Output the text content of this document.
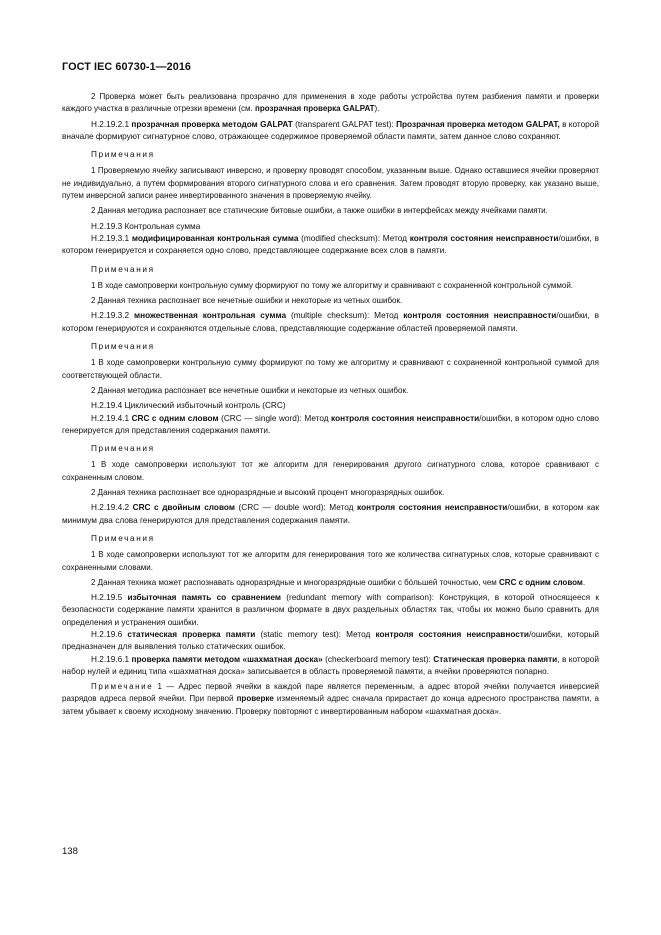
ГОСТ IEC 60730-1—2016

2 Проверка может быть реализована прозрачно для применения в ходе работы устройства путем разбиения памяти и проверки каждого участка в различные отрезки времени (см. прозрачная проверка GALPAT).

Н.2.19.2.1 прозрачная проверка методом GALPAT (transparent GALPAT test): Прозрачная проверка методом GALPAT, в которой вначале формируют сигнатурное слово, отражающее содержимое проверяемой области памяти, затем данное слово сохраняют.

Примечания

1 Проверяемую ячейку записывают инверсно, и проверку проводят способом, указанным выше. Однако оставшиеся ячейки проверяют не индивидуально, а путем формирования второго сигнатурного слова и его сравнения. Затем проводят вторую проверку, как указано выше, путем инверсной записи ранее инвертированного значения в проверяемую ячейку.

2 Данная методика распознает все статические битовые ошибки, а также ошибки в интерфейсах между ячейками памяти.

Н.2.19.3 Контрольная сумма

Н.2.19.3.1 модифицированная контрольная сумма (modified checksum): Метод контроля состояния неисправности/ошибки, в котором генерируется и сохраняется одно слово, представляющее содержание всех слов в памяти.

Примечания

1 В ходе самопроверки контрольную сумму формируют по тому же алгоритму и сравнивают с сохраненной контрольной суммой.

2 Данная техника распознает все нечетные ошибки и некоторые из четных ошибок.

Н.2.19.3.2 множественная контрольная сумма (multiple checksum): Метод контроля состояния неисправности/ошибки, в котором генерируются и сохраняются отдельные слова, представляющие содержание областей проверяемой памяти.

Примечания

1 В ходе самопроверки контрольную сумму формируют по тому же алгоритму и сравнивают с сохраненной контрольной суммой для соответствующей области.

2 Данная методика распознает все нечетные ошибки и некоторые из четных ошибок.

Н.2.19.4 Циклический избыточный контроль (CRC)

Н.2.19.4.1 CRC с одним словом (CRC — single word): Метод контроля состояния неисправности/ошибки, в котором одно слово генерируется для представления содержания памяти.

Примечания

1 В ходе самопроверки используют тот же алгоритм для генерирования другого сигнатурного слова, которое сравнивают с сохраненным словом.

2 Данная техника распознает все одноразрядные и высокий процент многоразрядных ошибок.

Н.2.19.4.2 CRC с двойным словом (CRC — double word): Метод контроля состояния неисправности/ошибки, в котором как минимум два слова генерируются для представления содержания памяти.

Примечания

1 В ходе самопроверки используют тот же алгоритм для генерирования того же количества сигнатурных слов, которые сравнивают с сохраненными словами.

2 Данная техника может распознавать одноразрядные и многоразрядные ошибки с бóльшей точностью, чем CRC с одним словом.

Н.2.19.5 избыточная память со сравнением (redundant memory with comparison): Конструкция, в которой относящееся к безопасности содержание памяти хранится в различном формате в двух раздельных областях так, чтобы их можно было сравнить для определения и устранения ошибки.

Н.2.19.6 статическая проверка памяти (static memory test): Метод контроля состояния неисправности/ошибки, который предназначен для выявления только статических ошибок.

Н.2.19.6.1 проверка памяти методом «шахматная доска» (checkerboard memory test): Статическая проверка памяти, в которой набор нулей и единиц типа «шахматная доска» записывается в область проверяемой памяти, а ячейки проверяются попарно.

Примечание 1 — Адрес первой ячейки в каждой паре является переменным, а адрес второй ячейки получается инверсией разрядов адреса первой ячейки. При первой проверке изменяемый адрес сначала прирастает до конца адресного пространства памяти, а затем убывает к своему исходному значению. Проверку повторяют с инвертированным набором «шахматная доска».

138
